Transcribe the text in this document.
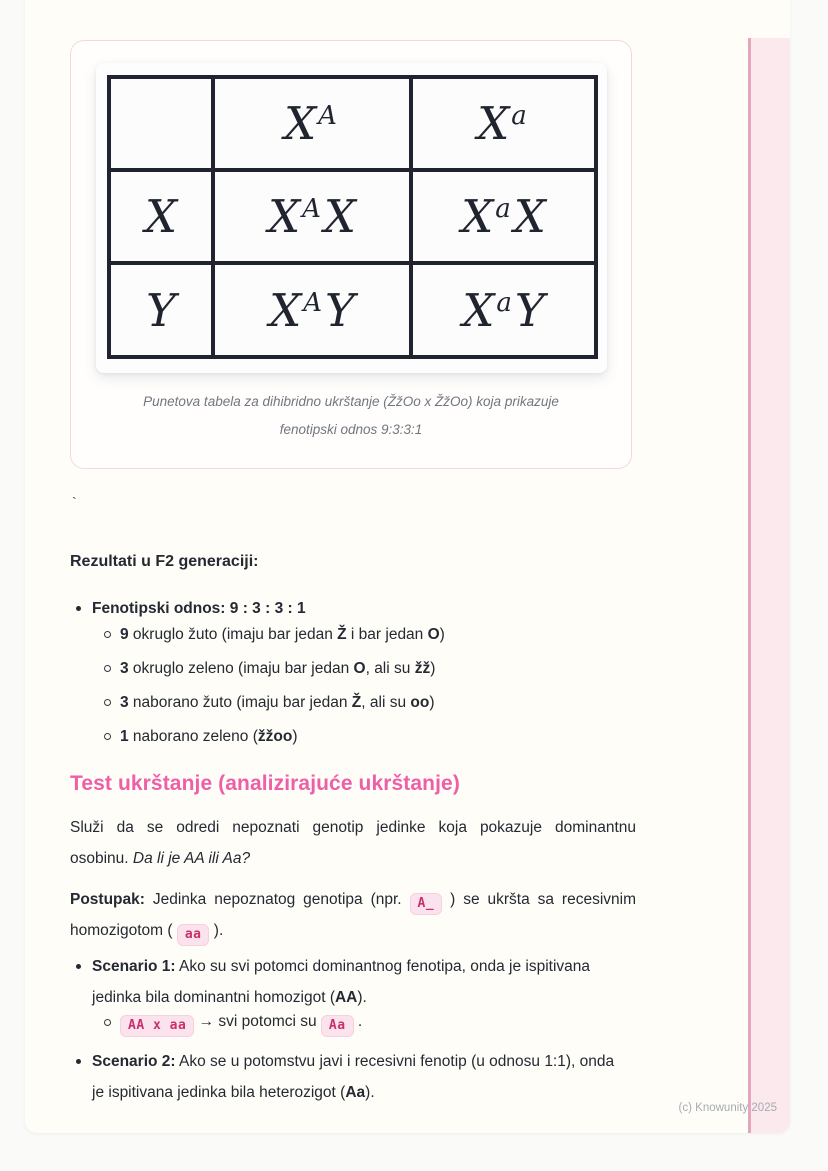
	$X^A$	$X^a$
X	$X^AX$	$X^aX$
Y	$X^AY$	$X^aY$
Punetova tabela za dihibridno ukrštanje (ŽžOo x ŽžOo) koja prikazuje
fenotipski odnos 9:3:3:1
`
Rezultati u F2 generaciji:
Fenotipski odnos: 9 : 3 : 3 : 1
9 okruglo žuto (imaju bar jedan Ž i bar jedan O)
3 okruglo zeleno (imaju bar jedan O, ali su žž)
3 naborano žuto (imaju bar jedan Ž, ali su oo)
1 naborano zeleno (žžoo)
Test ukrštanje (analizirajuće ukrštanje)
Služi da se odredi nepoznati genotip jedinke koja pokazuje dominantnu
osobinu. Da li je AA ili Aa?
Postupak: Jedinka nepoznatog genotipa (npr. A_ ) se ukršta sa recesivnim
homozigotom ( aa ).
Scenario 1: Ako su svi potomci dominantnog fenotipa, onda je ispitivana
jedinka bila dominantni homozigot (AA).
AA x aa → svi potomci su Aa .
Scenario 2: Ako se u potomstvu javi i recesivni fenotip (u odnosu 1:1), onda
je ispitivana jedinka bila heterozigot (Aa).
(c) Knowunity 2025
